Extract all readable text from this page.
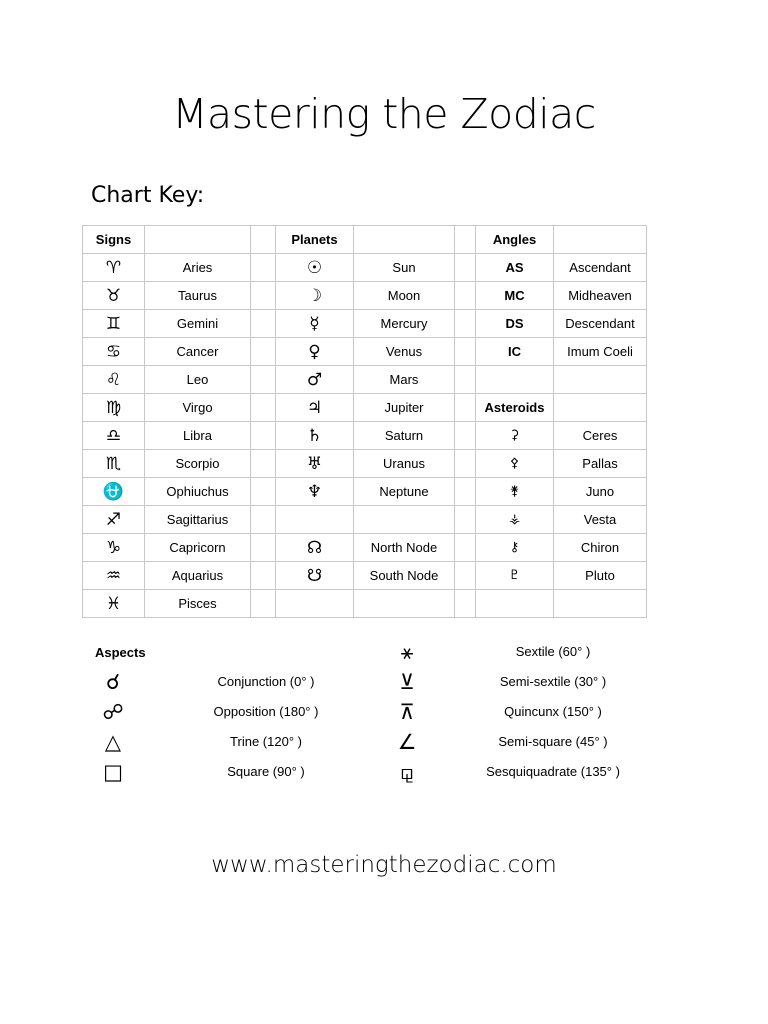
Mastering the Zodiac
Chart Key:
Signs			Planets			Angles	
♈	Aries		☉	Sun		AS	Ascendant
♉	Taurus		☽	Moon		MC	Midheaven
♊	Gemini		☿	Mercury		DS	Descendant
♋	Cancer		♀	Venus		IC	Imum Coeli
♌	Leo		♂	Mars			
♍	Virgo		♃	Jupiter		Asteroids	
♎	Libra		♄	Saturn		⚳	Ceres
♏	Scorpio		♅	Uranus		⚴	Pallas
⛎	Ophiuchus		♆	Neptune		⚵	Juno
♐	Sagittarius					⚶	Vesta
♑	Capricorn		☊	North Node		⚷	Chiron
♒	Aquarius		☋	South Node		♇	Pluto
♓	Pisces						
Aspects
☌	Conjunction (0° )
☍	Opposition (180° )
△	Trine (120° )
□	Square (90° )
⚹	Sextile (60° )
⊻	Semi-sextile (30° )
⊼	Quincunx (150° )
∠	Semi-square (45° )
⚼	Sesquiquadrate (135° )
www.masteringthezodiac.com
